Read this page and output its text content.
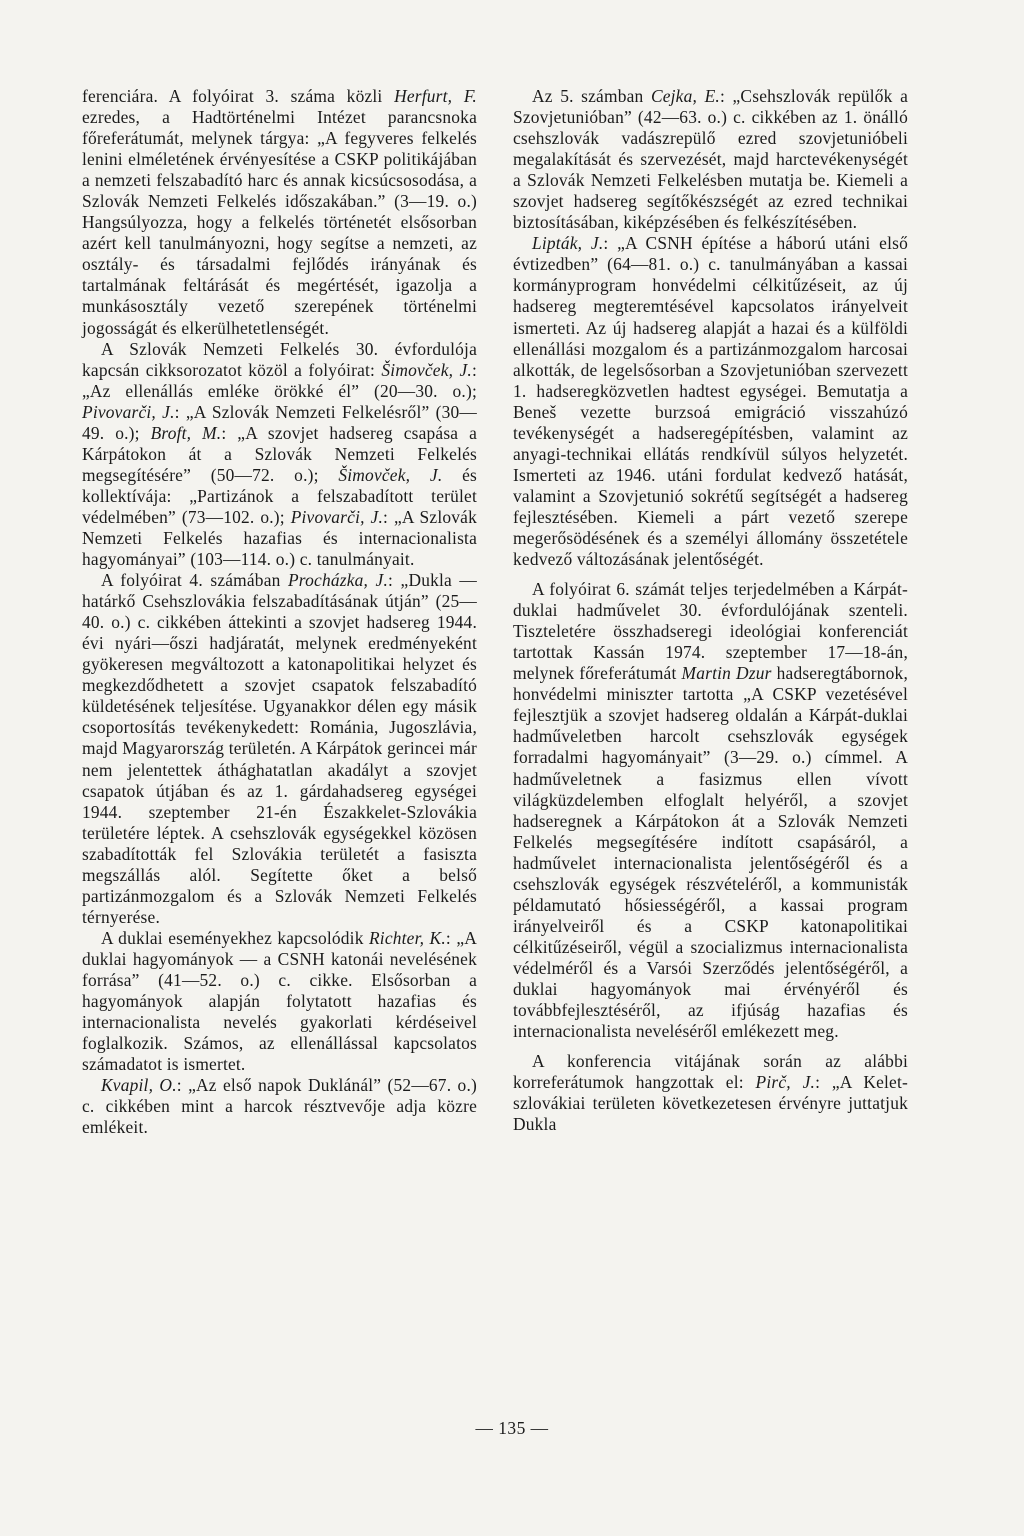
ferenciára. A folyóirat 3. száma közli Herfurt, F. ezredes, a Hadtörténelmi Intézet parancsnoka főreferátumát, melynek tárgya: „A fegyveres felkelés lenini elméletének érvényesítése a CSKP politikájában a nemzeti felszabadító harc és annak kicsúcsosodása, a Szlovák Nemzeti Felkelés időszakában.” (3—19. o.) Hangsúlyozza, hogy a felkelés történetét elsősorban azért kell tanulmányozni, hogy segítse a nemzeti, az osztály- és társadalmi fejlődés irányának és tartalmának feltárását és megértését, igazolja a munkásosztály vezető szerepének történelmi jogosságát és elkerülhetetlenségét.

A Szlovák Nemzeti Felkelés 30. évfordulója kapcsán cikksorozatot közöl a folyóirat: Šimovček, J.: „Az ellenállás emléke örökké él” (20—30. o.); Pivovarči, J.: „A Szlovák Nemzeti Felkelésről” (30—49. o.); Broft, M.: „A szovjet hadsereg csapása a Kárpátokon át a Szlovák Nemzeti Felkelés megsegítésére” (50—72. o.); Šimovček, J. és kollektívája: „Partizánok a felszabadított terület védelmében” (73—102. o.); Pivovarči, J.: „A Szlovák Nemzeti Felkelés hazafias és internacionalista hagyományai” (103—114. o.) c. tanulmányait.

A folyóirat 4. számában Procházka, J.: „Dukla — határkő Csehszlovákia felszabadításának útján” (25—40. o.) c. cikkében áttekinti a szovjet hadsereg 1944. évi nyári—őszi hadjáratát, melynek eredményeként gyökeresen megváltozott a katonapolitikai helyzet és megkezdődhetett a szovjet csapatok felszabadító küldetésének teljesítése. Ugyanakkor délen egy másik csoportosítás tevékenykedett: Románia, Jugoszlávia, majd Magyarország területén. A Kárpátok gerincei már nem jelentettek áthághatatlan akadályt a szovjet csapatok útjában és az 1. gárdahadsereg egységei 1944. szeptember 21-én Északkelet-Szlovákia területére léptek. A csehszlovák egységekkel közösen szabadították fel Szlovákia területét a fasiszta megszállás alól. Segítette őket a belső partizánmozgalom és a Szlovák Nemzeti Felkelés térnyerése.

A duklai eseményekhez kapcsolódik Richter, K.: „A duklai hagyományok — a CSNH katonái nevelésének forrása” (41—52. o.) c. cikke. Elsősorban a hagyományok alapján folytatott hazafias és internacionalista nevelés gyakorlati kérdéseivel foglalkozik. Számos, az ellenállással kapcsolatos számadatot is ismertet.

Kvapil, O.: „Az első napok Duklánál” (52—67. o.) c. cikkében mint a harcok résztvevője adja közre emlékeit.

Az 5. számban Cejka, E.: „Csehszlovák repülők a Szovjetunióban” (42—63. o.) c. cikkében az 1. önálló csehszlovák vadászrepülő ezred szovjetunióbeli megalakítását és szervezését, majd harctevékenységét a Szlovák Nemzeti Felkelésben mutatja be. Kiemeli a szovjet hadsereg segítőkészségét az ezred technikai biztosításában, kiképzésében és felkészítésében.

Lipták, J.: „A CSNH építése a háború utáni első évtizedben” (64—81. o.) c. tanulmányában a kassai kormányprogram honvédelmi célkitűzéseit, az új hadsereg megteremtésével kapcsolatos irányelveit ismerteti. Az új hadsereg alapját a hazai és a külföldi ellenállási mozgalom és a partizánmozgalom harcosai alkották, de legelsősorban a Szovjetunióban szervezett 1. hadseregközvetlen hadtest egységei. Bemutatja a Beneš vezette burzsoá emigráció visszahúzó tevékenységét a hadseregépítésben, valamint az anyagi-technikai ellátás rendkívül súlyos helyzetét. Ismerteti az 1946. utáni fordulat kedvező hatását, valamint a Szovjetunió sokrétű segítségét a hadsereg fejlesztésében. Kiemeli a párt vezető szerepe megerősödésének és a személyi állomány összetétele kedvező változásának jelentőségét.

A folyóirat 6. számát teljes terjedelmében a Kárpát-duklai hadművelet 30. évfordulójának szenteli. Tiszteletére összhadseregi ideológiai konferenciát tartottak Kassán 1974. szeptember 17—18-án, melynek főreferátumát Martin Dzur hadseregtábornok, honvédelmi miniszter tartotta „A CSKP vezetésével fejlesztjük a szovjet hadsereg oldalán a Kárpát-duklai hadműveletben harcolt csehszlovák egységek forradalmi hagyományait” (3—29. o.) címmel. A hadműveletnek a fasizmus ellen vívott világküzdelemben elfoglalt helyéről, a szovjet hadseregnek a Kárpátokon át a Szlovák Nemzeti Felkelés megsegítésére indított csapásáról, a hadművelet internacionalista jelentőségéről és a csehszlovák egységek részvételéről, a kommunisták példamutató hősiességéről, a kassai program irányelveiről és a CSKP katonapolitikai célkitűzéseiről, végül a szocializmus internacionalista védelméről és a Varsói Szerződés jelentőségéről, a duklai hagyományok mai érvényéről és továbbfejlesztéséről, az ifjúság hazafias és internacionalista neveléséről emlékezett meg.

A konferencia vitájának során az alábbi korreferátumok hangzottak el: Pirč, J.: „A Kelet-szlovákiai területen következetesen érvényre juttatjuk Dukla

— 135 —
